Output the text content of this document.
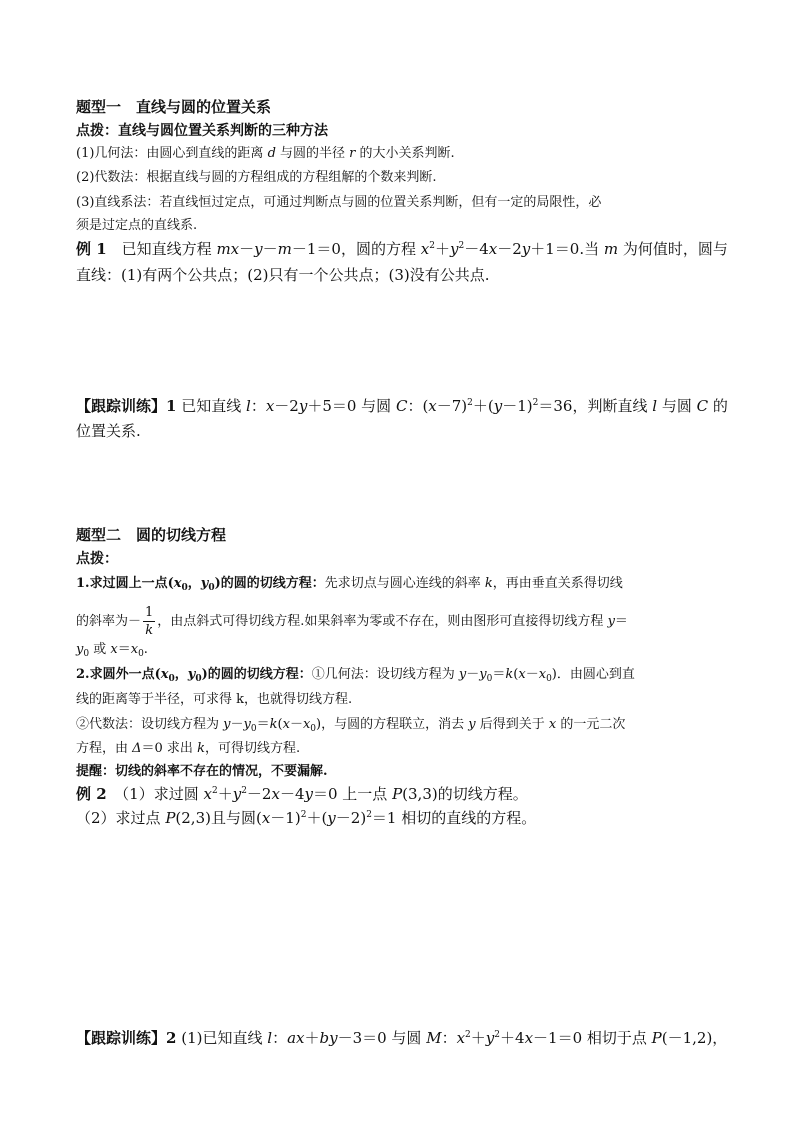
题型一　直线与圆的位置关系
点拨：直线与圆位置关系判断的三种方法
(1)几何法：由圆心到直线的距离 d 与圆的半径 r 的大小关系判断.
(2)代数法：根据直线与圆的方程组成的方程组解的个数来判断.
(3)直线系法：若直线恒过定点，可通过判断点与圆的位置关系判断，但有一定的局限性，必
须是过定点的直线系.
例 1　已知直线方程 mx－y－m－1＝0，圆的方程 $x^2+y^2-4x-2y+1=0$.当 m 为何值时，圆与
直线：(1)有两个公共点；(2)只有一个公共点；(3)没有公共点.
【跟踪训练】1 已知直线 l：x－2y＋5＝0 与圆 C：$(x-7)^2+(y-1)^2=36$，判断直线 l 与圆 C 的
位置关系.
题型二　圆的切线方程
点拨：
1.求过圆上一点($x_0$，$y_0$)的圆的切线方程：先求切点与圆心连线的斜率 k，再由垂直关系得切线
的斜率为－ $\frac{1}{k}$ ，由点斜式可得切线方程.如果斜率为零或不存在，则由图形可直接得切线方程 y＝
$y_0$ 或 $x=x_0$.
2.求圆外一点($x_0$，$y_0$)的圆的切线方程：①几何法：设切线方程为 $y-y_0=k(x-x_0)$．由圆心到直
线的距离等于半径，可求得 k，也就得切线方程.
②代数法：设切线方程为 $y-y_0=k(x-x_0)$，与圆的方程联立，消去 y 后得到关于 x 的一元二次
方程，由 Δ＝0 求出 k，可得切线方程.
提醒：切线的斜率不存在的情况，不要漏解.
例 2　（1）求过圆 $x^2+y^2-2x-4y=0$ 上一点 P(3,3)的切线方程。
（2）求过点 P(2,3)且与圆$(x-1)^2+(y-2)^2=1$ 相切的直线的方程。
【跟踪训练】2 (1)已知直线 l：ax＋by－3＝0 与圆 M：$x^2+y^2+4x-1=0$ 相切于点 P(－1,2)，
